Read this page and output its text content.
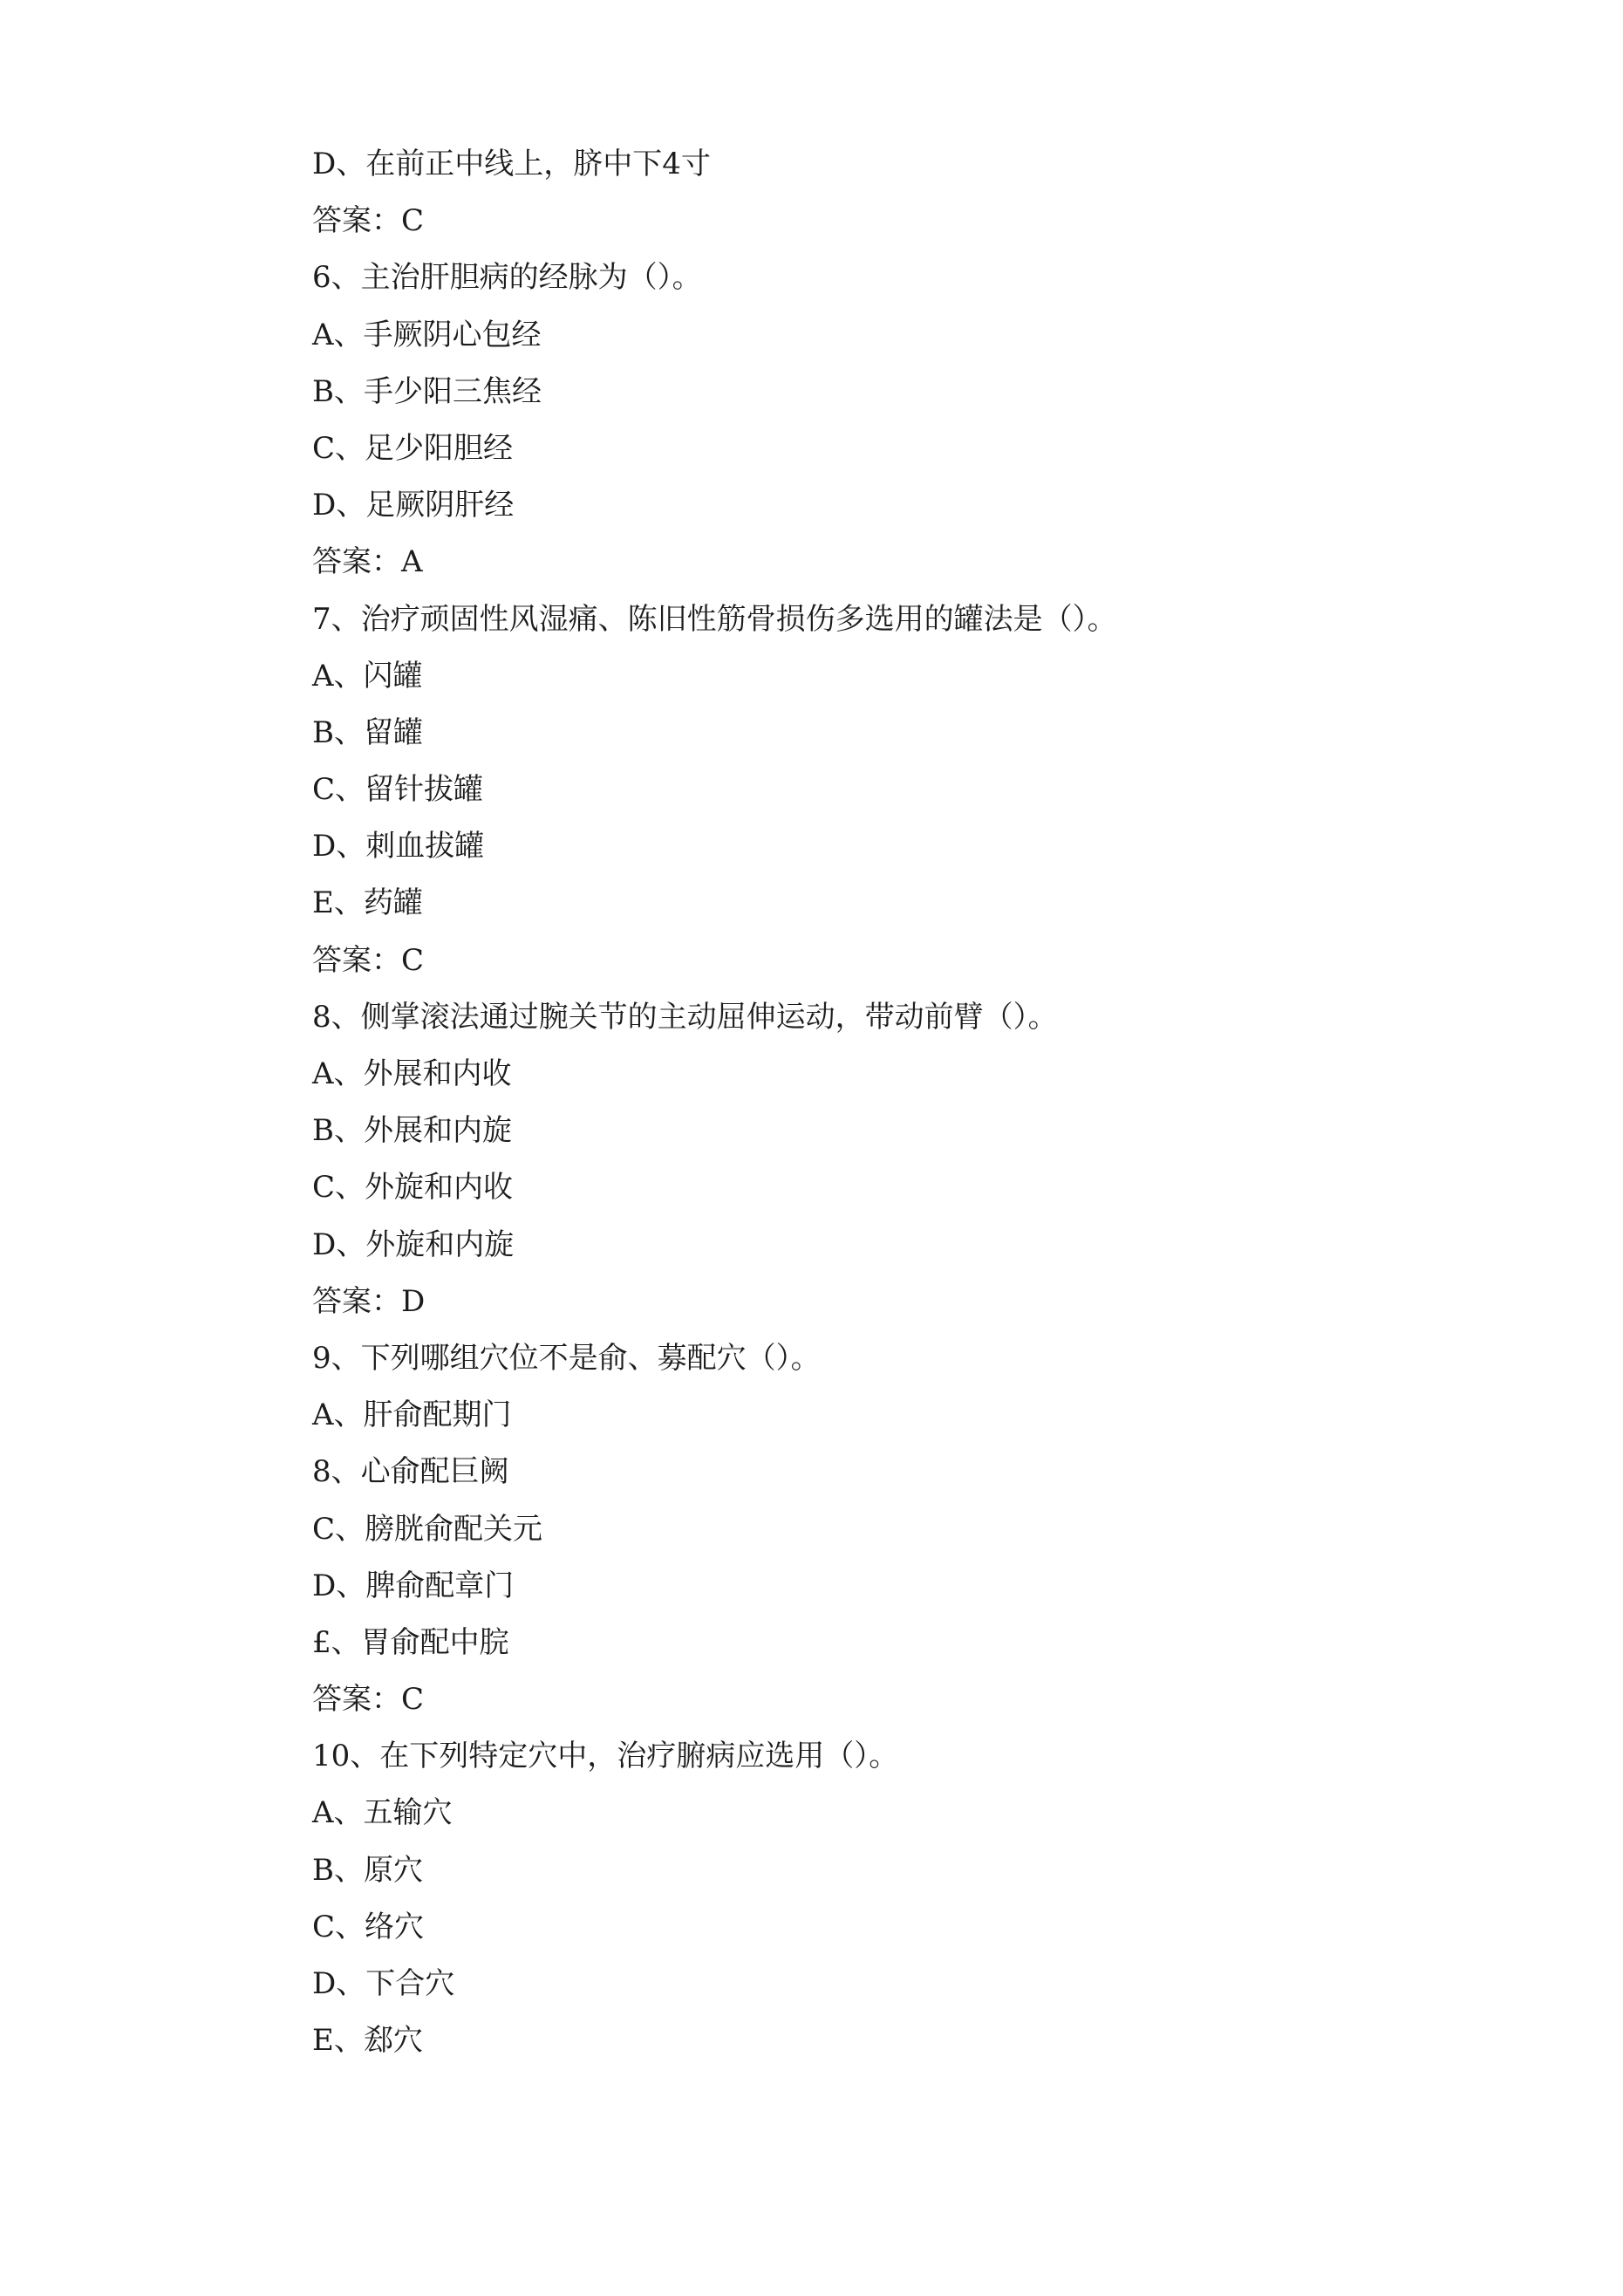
D、在前正中线上，脐中下4寸
答案：C
6、主治肝胆病的经脉为（）。
A、手厥阴心包经
B、手少阳三焦经
C、足少阳胆经
D、足厥阴肝经
答案：A
7、治疗顽固性风湿痛、陈旧性筋骨损伤多选用的罐法是（）。
A、闪罐
B、留罐
C、留针拔罐
D、刺血拔罐
E、药罐
答案：C
8、侧掌滚法通过腕关节的主动屈伸运动，带动前臂（）。
A、外展和内收
B、外展和内旋
C、外旋和内收
D、外旋和内旋
答案：D
9、下列哪组穴位不是俞、募配穴（）。
A、肝俞配期门
8、心俞配巨阙
C、膀胱俞配关元
D、脾俞配章门
£、胃俞配中脘
答案：C
10、在下列特定穴中，治疗腑病应选用（）。
A、五输穴
B、原穴
C、络穴
D、下合穴
E、郄穴
